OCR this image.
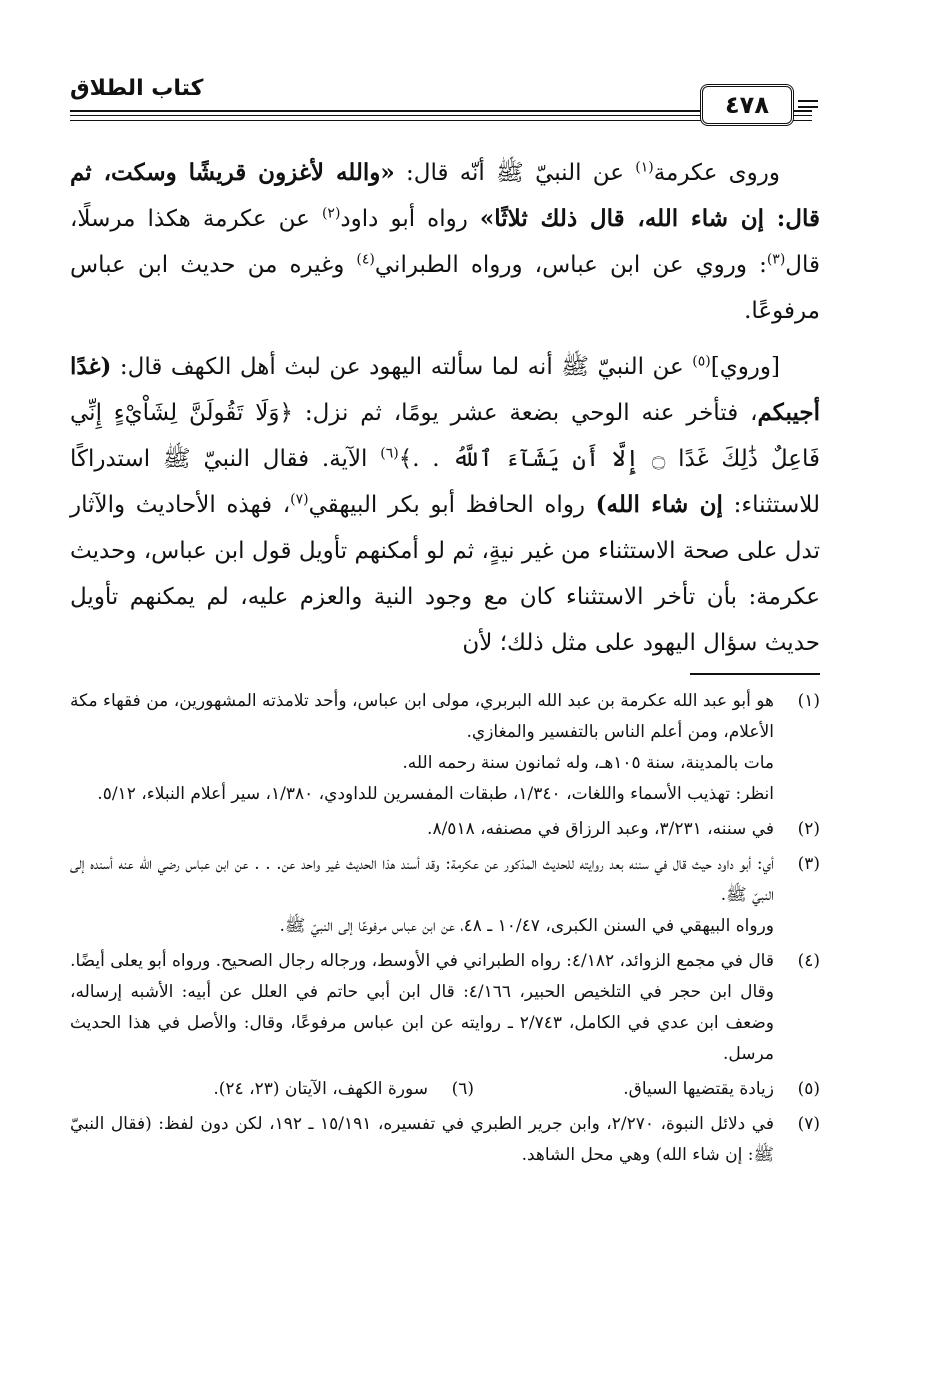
كتاب الطلاق
٤٧٨

وروى عكرمة$^{(١)}$ عن النبيّ ﷺ أنّه قال: «والله لأغزون قريشًا وسكت، ثم قال: إن شاء الله، قال ذلك ثلاثًا» رواه أبو داود$^{(٢)}$ عن عكرمة هكذا مرسلًا، قال$^{(٣)}$: وروي عن ابن عباس، ورواه الطبراني$^{(٤)}$ وغيره من حديث ابن عباس مرفوعًا.

[وروي]$^{(٥)}$ عن النبيّ ﷺ أنه لما سألته اليهود عن لبث أهل الكهف قال: (غدًا أجيبكم، فتأخر عنه الوحي بضعة عشر يومًا، ثم نزل: ﴿وَلَا تَقُولَنَّ لِشَاْيْءٍ إِنِّي فَاعِلٌ ذَٰلِكَ غَدًا ۝ إِلَّا أَن يَشَآءَ ٱللَّهُ . .﴾$^{(٦)}$ الآية. فقال النبيّ ﷺ استدراكًا للاستثناء: إن شاء الله) رواه الحافظ أبو بكر البيهقي$^{(٧)}$، فهذه الأحاديث والآثار تدل على صحة الاستثناء من غير نيةٍ، ثم لو أمكنهم تأويل قول ابن عباس، وحديث عكرمة: بأن تأخر الاستثناء كان مع وجود النية والعزم عليه، لم يمكنهم تأويل حديث سؤال اليهود على مثل ذلك؛ لأن

(١)
هو أبو عبد الله عكرمة بن عبد الله البربري، مولى ابن عباس، وأحد تلامذته المشهورين، من فقهاء مكة الأعلام، ومن أعلم الناس بالتفسير والمغازي.
مات بالمدينة، سنة ١٠٥هـ، وله ثمانون سنة رحمه الله.
انظر: تهذيب الأسماء واللغات، ١/٣٤٠، طبقات المفسرين للداودي، ١/٣٨٠، سير أعلام النبلاء، ٥/١٢.
(٢)
في سننه، ٣/٢٣١، وعبد الرزاق في مصنفه، ٨/٥١٨.
(٣)
أي: أبو داود حيث قال في سننه بعد روايته للحديث المذكور عن عكرمة: وقد أسند هذا الحديث غير واحد عن. . . عن ابن عباس رضي الله عنه أسنده إلى النبيّ ﷺ.
ورواه البيهقي في السنن الكبرى، ١٠/٤٧ ـ ٤٨، عن ابن عباس مرفوعًا إلى النبيّ ﷺ.
(٤)
قال في مجمع الزوائد، ٤/١٨٢: رواه الطبراني في الأوسط، ورجاله رجال الصحيح. ورواه أبو يعلى أيضًا.
وقال ابن حجر في التلخيص الحبير، ٤/١٦٦: قال ابن أبي حاتم في العلل عن أبيه: الأشبه إرساله، وضعف ابن عدي في الكامل، ٢/٧٤٣ ـ روايته عن ابن عباس مرفوعًا، وقال: والأصل في هذا الحديث مرسل.
(٥)
زيادة يقتضيها السياق.
(٦)
سورة الكهف، الآيتان (٢٣، ٢٤).
(٧)
في دلائل النبوة، ٢/٢٧٠، وابن جرير الطبري في تفسيره، ١٥/١٩١ ـ ١٩٢، لكن دون لفظ: (فقال النبيّ ﷺ: إن شاء الله) وهي محل الشاهد.
